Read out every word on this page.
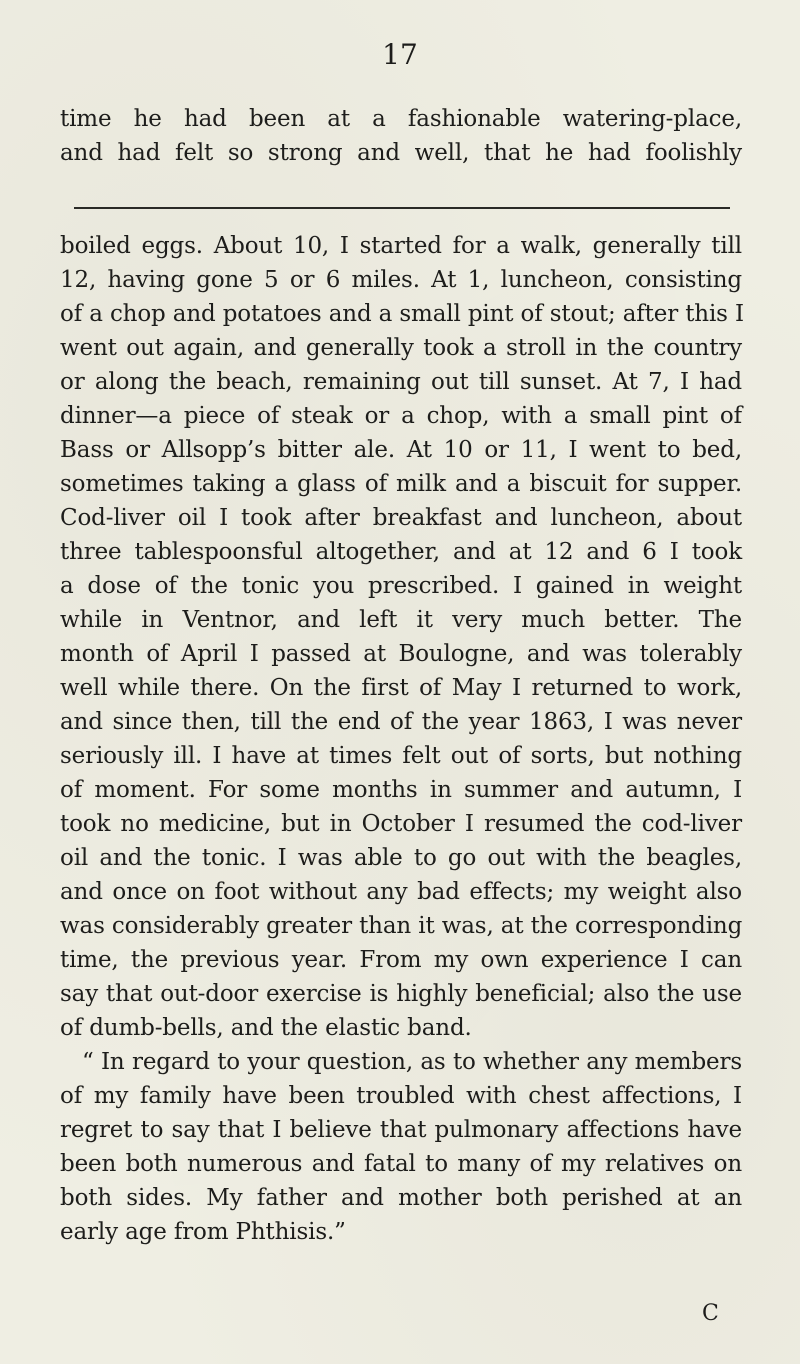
17
time he had been at a fashionable watering-place,
and had felt so strong and well, that he had foolishly
boiled eggs. About 10, I started for a walk, generally till
12, having gone 5 or 6 miles. At 1, luncheon, consisting
of a chop and potatoes and a small pint of stout; after this I
went out again, and generally took a stroll in the country
or along the beach, remaining out till sunset. At 7, I had
dinner—a piece of steak or a chop, with a small pint of
Bass or Allsopp’s bitter ale. At 10 or 11, I went to bed,
sometimes taking a glass of milk and a biscuit for supper.
Cod-liver oil I took after breakfast and luncheon, about
three tablespoonsful altogether, and at 12 and 6 I took
a dose of the tonic you prescribed. I gained in weight
while in Ventnor, and left it very much better. The
month of April I passed at Boulogne, and was tolerably
well while there. On the first of May I returned to work,
and since then, till the end of the year 1863, I was never
seriously ill. I have at times felt out of sorts, but nothing
of moment. For some months in summer and autumn, I
took no medicine, but in October I resumed the cod-liver
oil and the tonic. I was able to go out with the beagles,
and once on foot without any bad effects; my weight also
was considerably greater than it was, at the corresponding
time, the previous year. From my own experience I can
say that out-door exercise is highly beneficial; also the use
of dumb-bells, and the elastic band.
“ In regard to your question, as to whether any members
of my family have been troubled with chest affections, I
regret to say that I believe that pulmonary affections have
been both numerous and fatal to many of my relatives on
both sides. My father and mother both perished at an
early age from Phthisis.”
C
